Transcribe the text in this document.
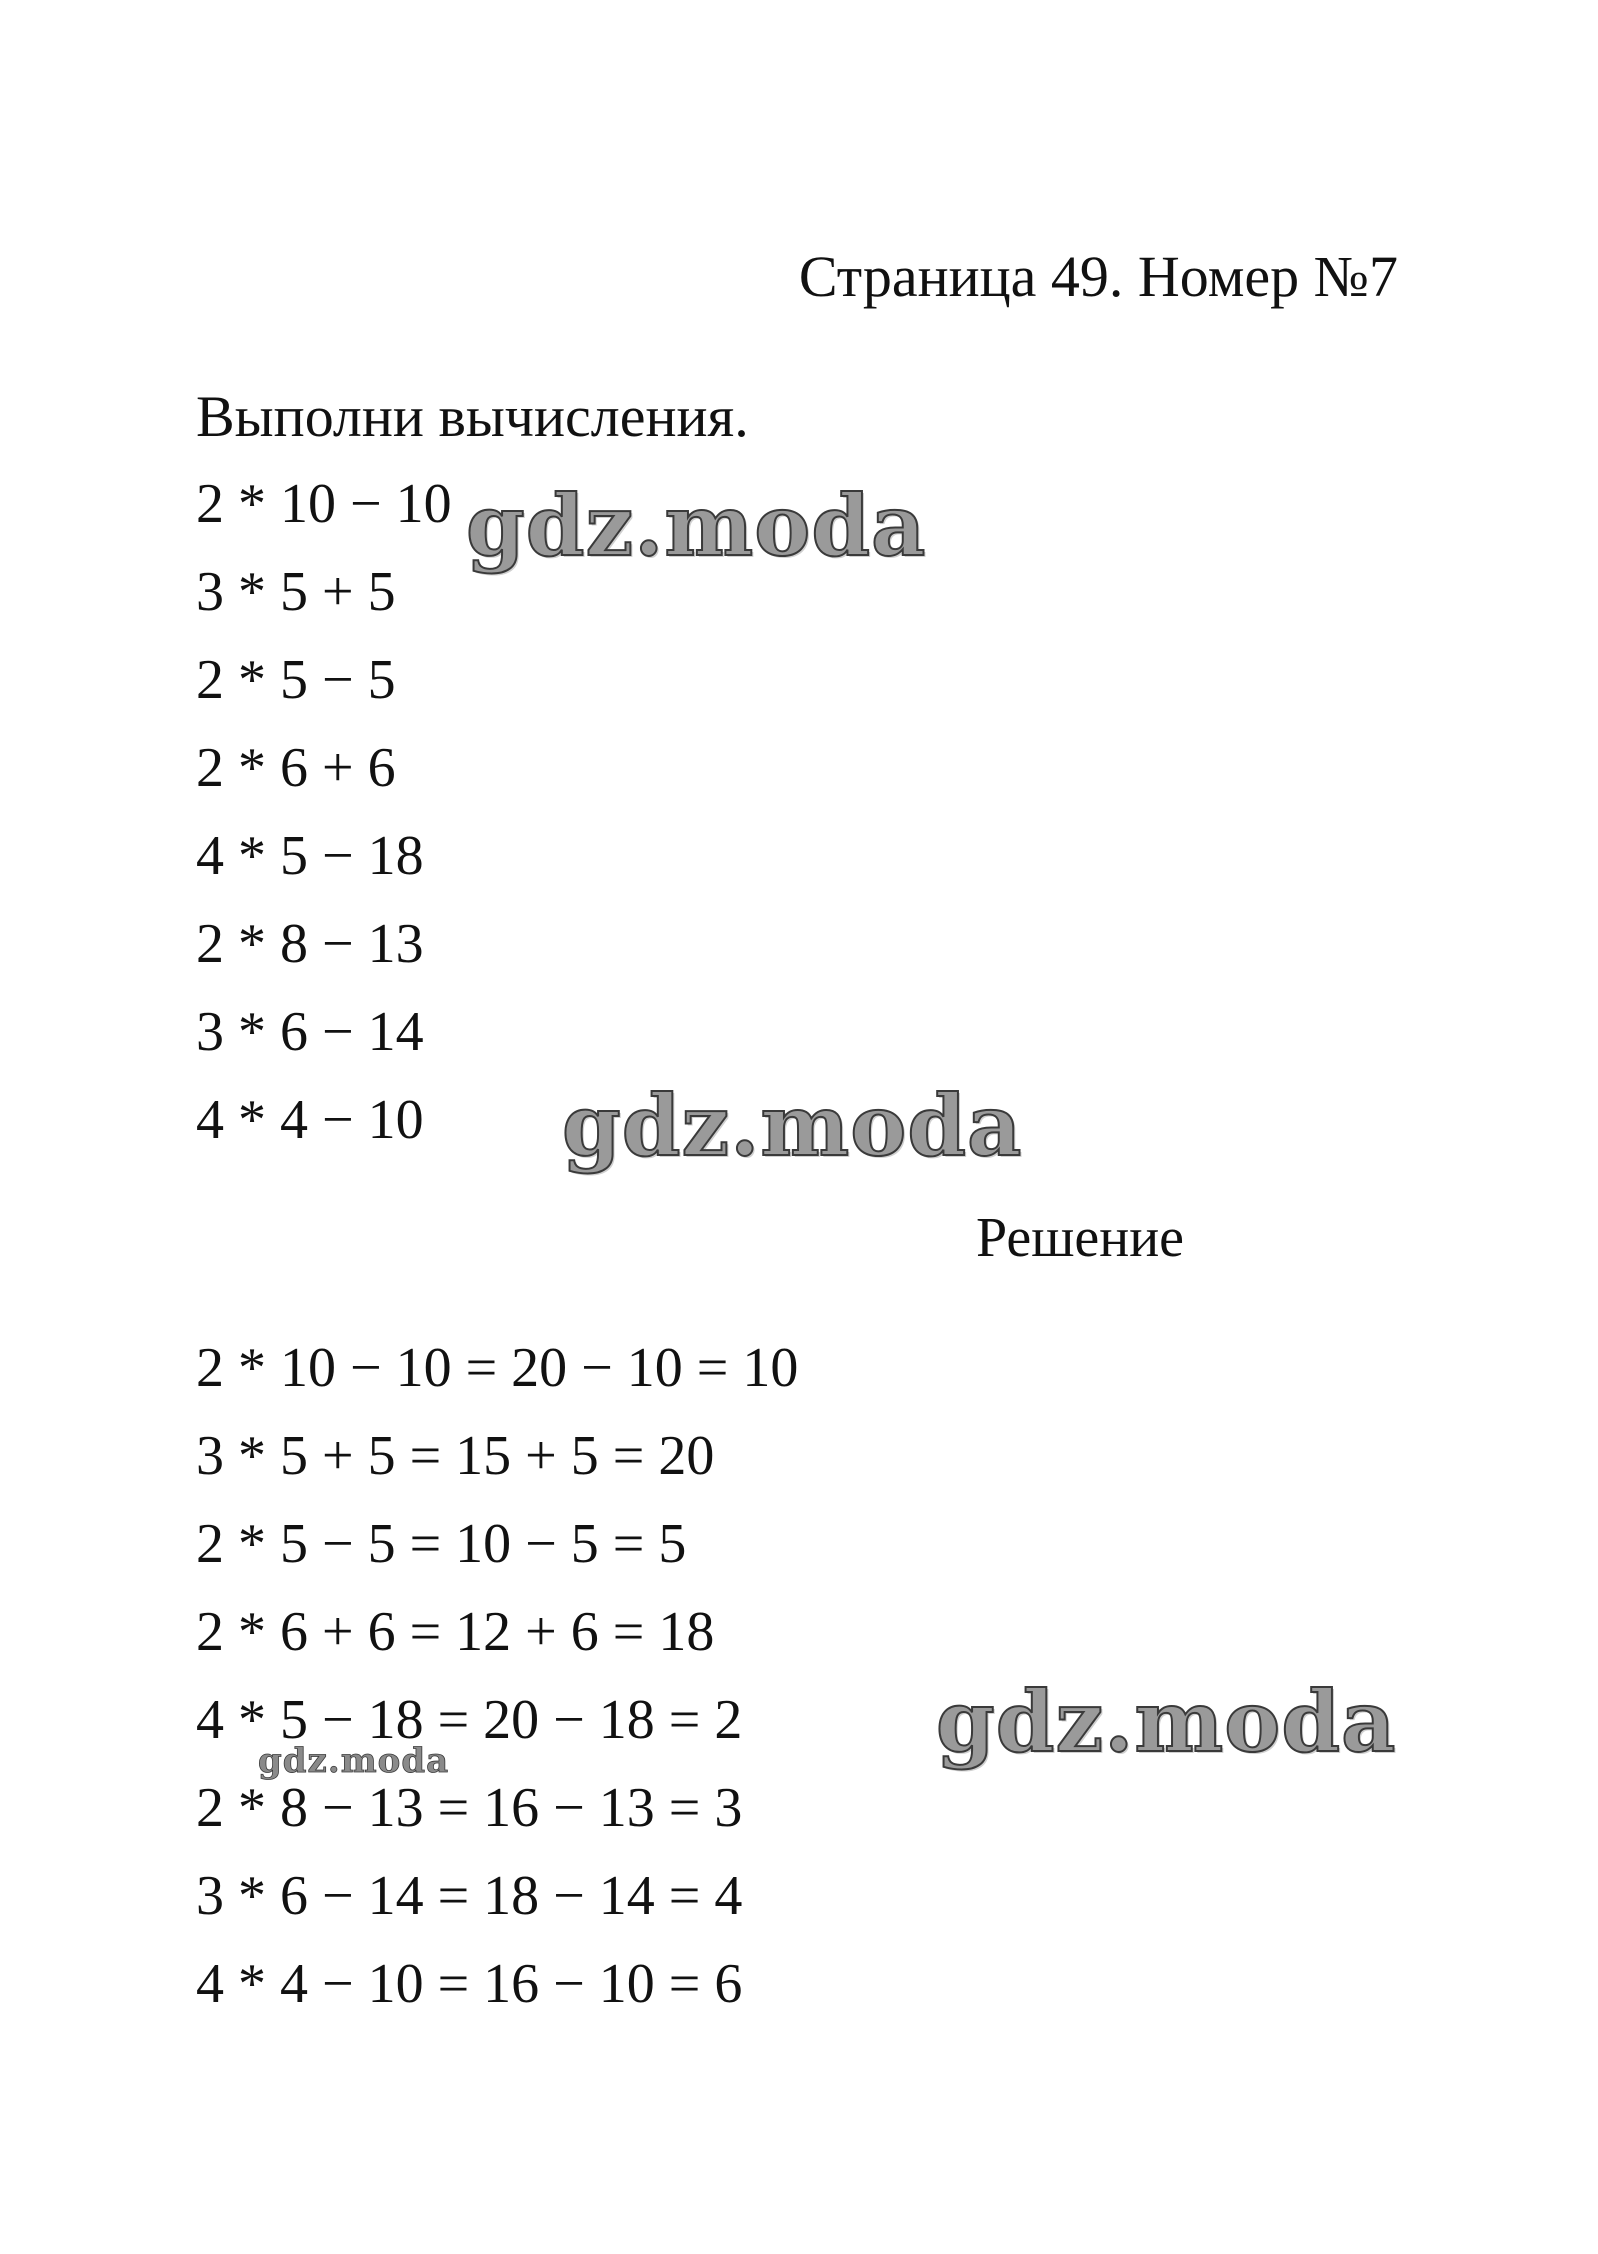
Страница 49. Номер №7
Выполни вычисления.
2 * 10 − 10
3 * 5 + 5
2 * 5 − 5
2 * 6 + 6
4 * 5 − 18
2 * 8 − 13
3 * 6 − 14
4 * 4 − 10
Решение
2 * 10 − 10 = 20 − 10 = 10
3 * 5 + 5 = 15 + 5 = 20
2 * 5 − 5 = 10 − 5 = 5
2 * 6 + 6 = 12 + 6 = 18
4 * 5 − 18 = 20 − 18 = 2
2 * 8 − 13 = 16 − 13 = 3
3 * 6 − 14 = 18 − 14 = 4
4 * 4 − 10 = 16 − 10 = 6
gdz.moda
gdz.moda
gdz.moda
gdz.moda
